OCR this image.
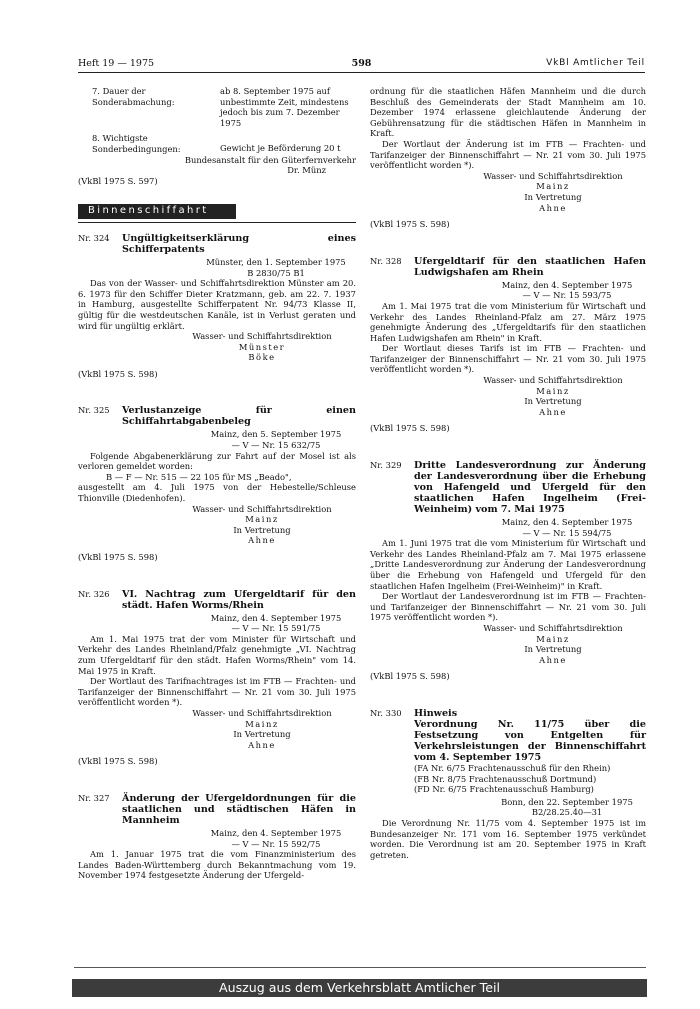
Heft 19 — 1975	598	VkBl Amtlicher Teil
7. Dauer der Sonderabmachung:
ab 8. September 1975 auf unbestimmte Zeit, mindestens jedoch bis zum 7. Dezember 1975
8. Wichtigste Sonderbedingungen:	Gewicht je Beförderung 20 t

Bundesanstalt für den Güterfernverkehr

Dr. Münz

(VkBl 1975 S. 597)

Binnenschiffahrt
Nr. 324	Ungültigkeitserklärung eines Schifferpatents

Münster, den 1. September 1975

B 2830/75 B1

Das von der Wasser- und Schiffahrtsdirektion Münster am 20. 6. 1973 für den Schiffer Dieter Kratzmann, geb. am 22. 7. 1937 in Hamburg, ausgestellte Schifferpatent Nr. 94/73 Klasse II, gültig für die westdeutschen Kanäle, ist in Verlust geraten und wird für ungültig erklärt.

Wasser- und Schiffahrtsdirektion

Münster

Böke

(VkBl 1975 S. 598)

Nr. 325	Verlustanzeige für einen Schiffahrtabgabenbeleg

Mainz, den 5. September 1975

— V — Nr. 15 632/75

Folgende Abgabenerklärung zur Fahrt auf der Mosel ist als verloren gemeldet worden:

B — F — Nr. 515 — 22 105 für MS „Beado",

ausgestellt am 4. Juli 1975 von der Hebestelle/Schleuse Thionville (Diedenhofen).

Wasser- und Schiffahrtsdirektion

Mainz

In Vertretung

Ahne

(VkBl 1975 S. 598)

Nr. 326	VI. Nachtrag zum Ufergeldtarif für den städt. Hafen Worms/Rhein

Mainz, den 4. September 1975

— V — Nr. 15 591/75

Am 1. Mai 1975 trat der vom Minister für Wirtschaft und Verkehr des Landes Rheinland/Pfalz genehmigte „VI. Nachtrag zum Ufergeldtarif für den städt. Hafen Worms/Rhein" vom 14. Mai 1975 in Kraft.

Der Wortlaut des Tarifnachtrages ist im FTB — Frachten- und Tarifanzeiger der Binnenschiffahrt — Nr. 21 vom 30. Juli 1975 veröffentlicht worden *).

Wasser- und Schiffahrtsdirektion

Mainz

In Vertretung

Ahne

(VkBl 1975 S. 598)

Nr. 327	Änderung der Ufergeldordnungen für die staatlichen und städtischen Häfen in Mannheim

Mainz, den 4. September 1975

— V — Nr. 15 592/75

Am 1. Januar 1975 trat die vom Finanzministerium des Landes Baden-Württemberg durch Bekanntmachung vom 19. November 1974 festgesetzte Änderung der Ufergeld-

ordnung für die staatlichen Häfen Mannheim und die durch Beschluß des Gemeinderats der Stadt Mannheim am 10. Dezember 1974 erlassene gleichlautende Änderung der Gebührensatzung für die städtischen Häfen in Mannheim in Kraft.

Der Wortlaut der Änderung ist im FTB — Frachten- und Tarifanzeiger der Binnenschiffahrt — Nr. 21 vom 30. Juli 1975 veröffentlicht worden *).

Wasser- und Schiffahrtsdirektion

Mainz

In Vertretung

Ahne

(VkBl 1975 S. 598)

Nr. 328	Ufergeldtarif für den staatlichen Hafen Ludwigshafen am Rhein

Mainz, den 4. September 1975

— V — Nr. 15 593/75

Am 1. Mai 1975 trat die vom Ministerium für Wirtschaft und Verkehr des Landes Rheinland-Pfalz am 27. März 1975 genehmigte Änderung des „Ufergeldtarifs für den staatlichen Hafen Ludwigshafen am Rhein" in Kraft.

Der Wortlaut dieses Tarifs ist im FTB — Frachten- und Tarifanzeiger der Binnenschiffahrt — Nr. 21 vom 30. Juli 1975 veröffentlicht worden *).

Wasser- und Schiffahrtsdirektion

Mainz

In Vertretung

Ahne

(VkBl 1975 S. 598)

Nr. 329	Dritte Landesverordnung zur Änderung der Landesverordnung über die Erhebung von Hafengeld und Ufergeld für den staatlichen Hafen Ingelheim (Frei-Weinheim) vom 7. Mai 1975

Mainz, den 4. September 1975

— V — Nr. 15 594/75

Am 1. Juni 1975 trat die vom Ministerium für Wirtschaft und Verkehr des Landes Rheinland-Pfalz am 7. Mai 1975 erlassene „Dritte Landesverordnung zur Änderung der Landesverordnung über die Erhebung von Hafengeld und Ufergeld für den staatlichen Hafen Ingelheim (Frei-Weinheim)" in Kraft.

Der Wortlaut der Landesverordnung ist im FTB — Frachten- und Tarifanzeiger der Binnenschiffahrt — Nr. 21 vom 30. Juli 1975 veröffentlicht worden *).

Wasser- und Schiffahrtsdirektion

Mainz

In Vertretung

Ahne

(VkBl 1975 S. 598)

Nr. 330	Hinweis

Verordnung Nr. 11/75 über die Festsetzung von Entgelten für Verkehrsleistungen der Binnenschiffahrt vom 4. September 1975

(FA Nr. 6/75 Frachtenausschuß für den Rhein)

(FB Nr. 8/75 Frachtenausschuß Dortmund)

(FD Nr. 6/75 Frachtenausschuß Hamburg)

Bonn, den 22. September 1975

B2/28.25.40—31

Die Verordnung Nr. 11/75 vom 4. September 1975 ist im Bundesanzeiger Nr. 171 vom 16. September 1975 verkündet worden. Die Verordnung ist am 20. September 1975 in Kraft getreten.

Auszug aus dem Verkehrsblatt Amtlicher Teil
